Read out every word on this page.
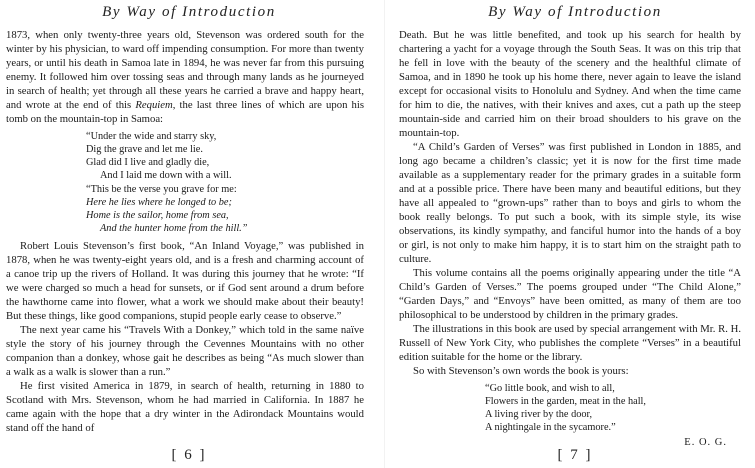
By Way of Introduction

1873, when only twenty-three years old, Stevenson was ordered south for the winter by his physician, to ward off impending consumption. For more than twenty years, or until his death in Samoa late in 1894, he was never far from this pursuing enemy. It followed him over tossing seas and through many lands as he journeyed in search of health; yet through all these years he carried a brave and happy heart, and wrote at the end of this Requiem, the last three lines of which are upon his tomb on the mountain-top in Samoa:

“Under the wide and starry sky,
Dig the grave and let me lie.
Glad did I live and gladly die,
And I laid me down with a will.
“This be the verse you grave for me:
Here he lies where he longed to be;
Home is the sailor, home from sea,
And the hunter home from the hill.”

Robert Louis Stevenson’s first book, “An Inland Voyage,” was published in 1878, when he was twenty-eight years old, and is a fresh and charming account of a canoe trip up the rivers of Holland. It was during this journey that he wrote: “If we were charged so much a head for sunsets, or if God sent around a drum before the hawthorne came into flower, what a work we should make about their beauty! But these things, like good companions, stupid people early cease to observe.”

The next year came his “Travels With a Donkey,” which told in the same naïve style the story of his journey through the Cevennes Mountains with no other companion than a donkey, whose gait he describes as being “As much slower than a walk as a walk is slower than a run.”

He first visited America in 1879, in search of health, returning in 1880 to Scotland with Mrs. Stevenson, whom he had married in California. In 1887 he came again with the hope that a dry winter in the Adirondack Mountains would stand off the hand of

[ 6 ]
By Way of Introduction

Death. But he was little benefited, and took up his search for health by chartering a yacht for a voyage through the South Seas. It was on this trip that he fell in love with the beauty of the scenery and the healthful climate of Samoa, and in 1890 he took up his home there, never again to leave the island except for occasional visits to Honolulu and Sydney. And when the time came for him to die, the natives, with their knives and axes, cut a path up the steep mountain-side and carried him on their broad shoulders to his grave on the mountain-top.

“A Child’s Garden of Verses” was first published in London in 1885, and long ago became a children’s classic; yet it is now for the first time made available as a supplementary reader for the primary grades in a suitable form and at a possible price. There have been many and beautiful editions, but they have all appealed to “grown-ups” rather than to boys and girls to whom the book really belongs. To put such a book, with its simple style, its wise observations, its kindly sympathy, and fanciful humor into the hands of a boy or girl, is not only to make him happy, it is to start him on the straight path to culture.

This volume contains all the poems originally appearing under the title “A Child’s Garden of Verses.” The poems grouped under “The Child Alone,” “Garden Days,” and “Envoys” have been omitted, as many of them are too philosophical to be understood by children in the primary grades.

The illustrations in this book are used by special arrangement with Mr. R. H. Russell of New York City, who publishes the complete “Verses” in a beautiful edition suitable for the home or the library.

So with Stevenson’s own words the book is yours:

“Go little book, and wish to all,
Flowers in the garden, meat in the hall,
A living river by the door,
A nightingale in the sycamore.”
E. O. G.
[ 7 ]
